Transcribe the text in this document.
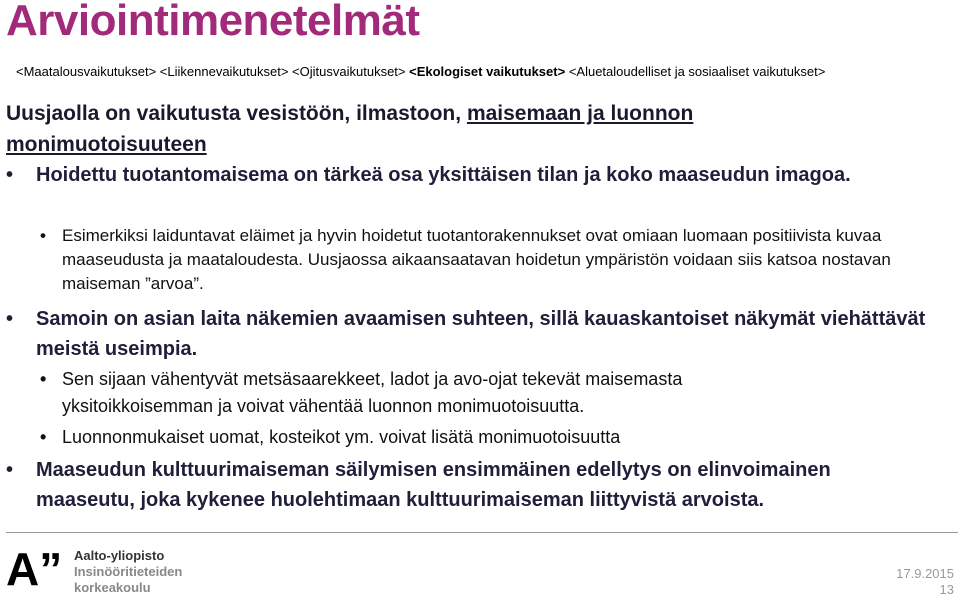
Arviointimenetelmät
<Maatalousvaikutukset> <Liikennevaikutukset> <Ojitusvaikutukset> <Ekologiset vaikutukset> <Aluetaloudelliset ja sosiaaliset vaikutukset>
Uusjaolla on vaikutusta vesistöön, ilmastoon, maisemaan ja luonnon
monimuotoisuuteen
• Hoidettu tuotantomaisema on tärkeä osa yksittäisen tilan ja koko maaseudun imagoa.
• Esimerkiksi laiduntavat eläimet ja hyvin hoidetut tuotantorakennukset ovat omiaan luomaan positiivista kuvaa maaseudusta ja maataloudesta. Uusjaossa aikaansaatavan hoidetun ympäristön voidaan siis katsoa nostavan maiseman ”arvoa”.
• Samoin on asian laita näkemien avaamisen suhteen, sillä kauaskantoiset näkymät viehättävät meistä useimpia.
• Sen sijaan vähentyvät metsäsaarekkeet, ladot ja avo-ojat tekevät maisemasta yksitoikkoisemman ja voivat vähentää luonnon monimuotoisuutta.
• Luonnonmukaiset uomat, kosteikot ym. voivat lisätä monimuotoisuutta
• Maaseudun kulttuurimaiseman säilymisen ensimmäinen edellytys on elinvoimainen maaseutu, joka kykenee huolehtimaan kulttuurimaiseman liittyvistä arvoista.
A” Aalto-yliopisto
Insinööritieteiden
korkeakoulu
17.9.2015
13
